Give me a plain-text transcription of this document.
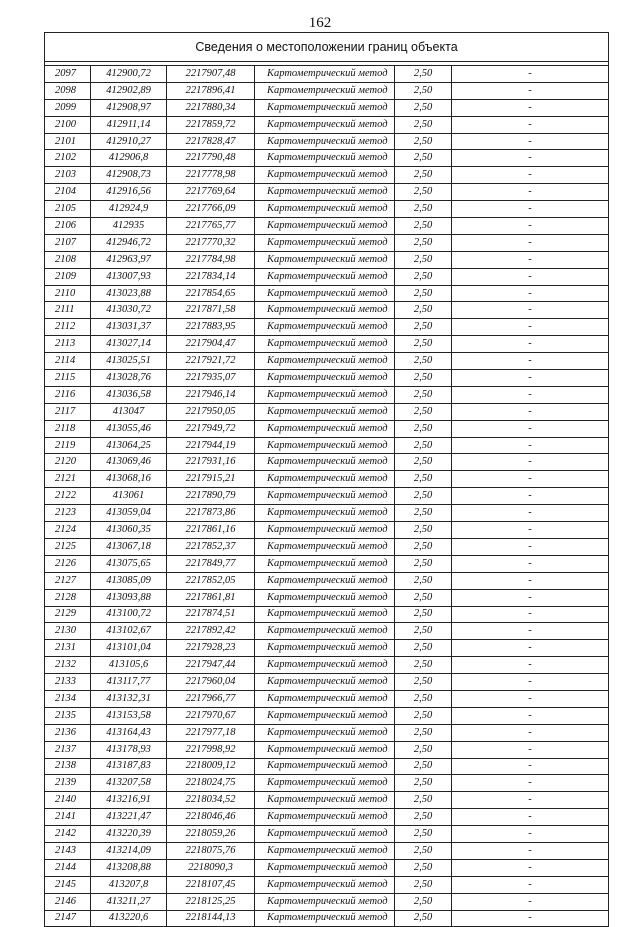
162
Сведения о местоположении границ объекта					

2097	412900,72	2217907,48	Картометрический метод	2,50	-
2098	412902,89	2217896,41	Картометрический метод	2,50	-
2099	412908,97	2217880,34	Картометрический метод	2,50	-
2100	412911,14	2217859,72	Картометрический метод	2,50	-
2101	412910,27	2217828,47	Картометрический метод	2,50	-
2102	412906,8	2217790,48	Картометрический метод	2,50	-
2103	412908,73	2217778,98	Картометрический метод	2,50	-
2104	412916,56	2217769,64	Картометрический метод	2,50	-
2105	412924,9	2217766,09	Картометрический метод	2,50	-
2106	412935	2217765,77	Картометрический метод	2,50	-
2107	412946,72	2217770,32	Картометрический метод	2,50	-
2108	412963,97	2217784,98	Картометрический метод	2,50	-
2109	413007,93	2217834,14	Картометрический метод	2,50	-
2110	413023,88	2217854,65	Картометрический метод	2,50	-
2111	413030,72	2217871,58	Картометрический метод	2,50	-
2112	413031,37	2217883,95	Картометрический метод	2,50	-
2113	413027,14	2217904,47	Картометрический метод	2,50	-
2114	413025,51	2217921,72	Картометрический метод	2,50	-
2115	413028,76	2217935,07	Картометрический метод	2,50	-
2116	413036,58	2217946,14	Картометрический метод	2,50	-
2117	413047	2217950,05	Картометрический метод	2,50	-
2118	413055,46	2217949,72	Картометрический метод	2,50	-
2119	413064,25	2217944,19	Картометрический метод	2,50	-
2120	413069,46	2217931,16	Картометрический метод	2,50	-
2121	413068,16	2217915,21	Картометрический метод	2,50	-
2122	413061	2217890,79	Картометрический метод	2,50	-
2123	413059,04	2217873,86	Картометрический метод	2,50	-
2124	413060,35	2217861,16	Картометрический метод	2,50	-
2125	413067,18	2217852,37	Картометрический метод	2,50	-
2126	413075,65	2217849,77	Картометрический метод	2,50	-
2127	413085,09	2217852,05	Картометрический метод	2,50	-
2128	413093,88	2217861,81	Картометрический метод	2,50	-
2129	413100,72	2217874,51	Картометрический метод	2,50	-
2130	413102,67	2217892,42	Картометрический метод	2,50	-
2131	413101,04	2217928,23	Картометрический метод	2,50	-
2132	413105,6	2217947,44	Картометрический метод	2,50	-
2133	413117,77	2217960,04	Картометрический метод	2,50	-
2134	413132,31	2217966,77	Картометрический метод	2,50	-
2135	413153,58	2217970,67	Картометрический метод	2,50	-
2136	413164,43	2217977,18	Картометрический метод	2,50	-
2137	413178,93	2217998,92	Картометрический метод	2,50	-
2138	413187,83	2218009,12	Картометрический метод	2,50	-
2139	413207,58	2218024,75	Картометрический метод	2,50	-
2140	413216,91	2218034,52	Картометрический метод	2,50	-
2141	413221,47	2218046,46	Картометрический метод	2,50	-
2142	413220,39	2218059,26	Картометрический метод	2,50	-
2143	413214,09	2218075,76	Картометрический метод	2,50	-
2144	413208,88	2218090,3	Картометрический метод	2,50	-
2145	413207,8	2218107,45	Картометрический метод	2,50	-
2146	413211,27	2218125,25	Картометрический метод	2,50	-
2147	413220,6	2218144,13	Картометрический метод	2,50	-
